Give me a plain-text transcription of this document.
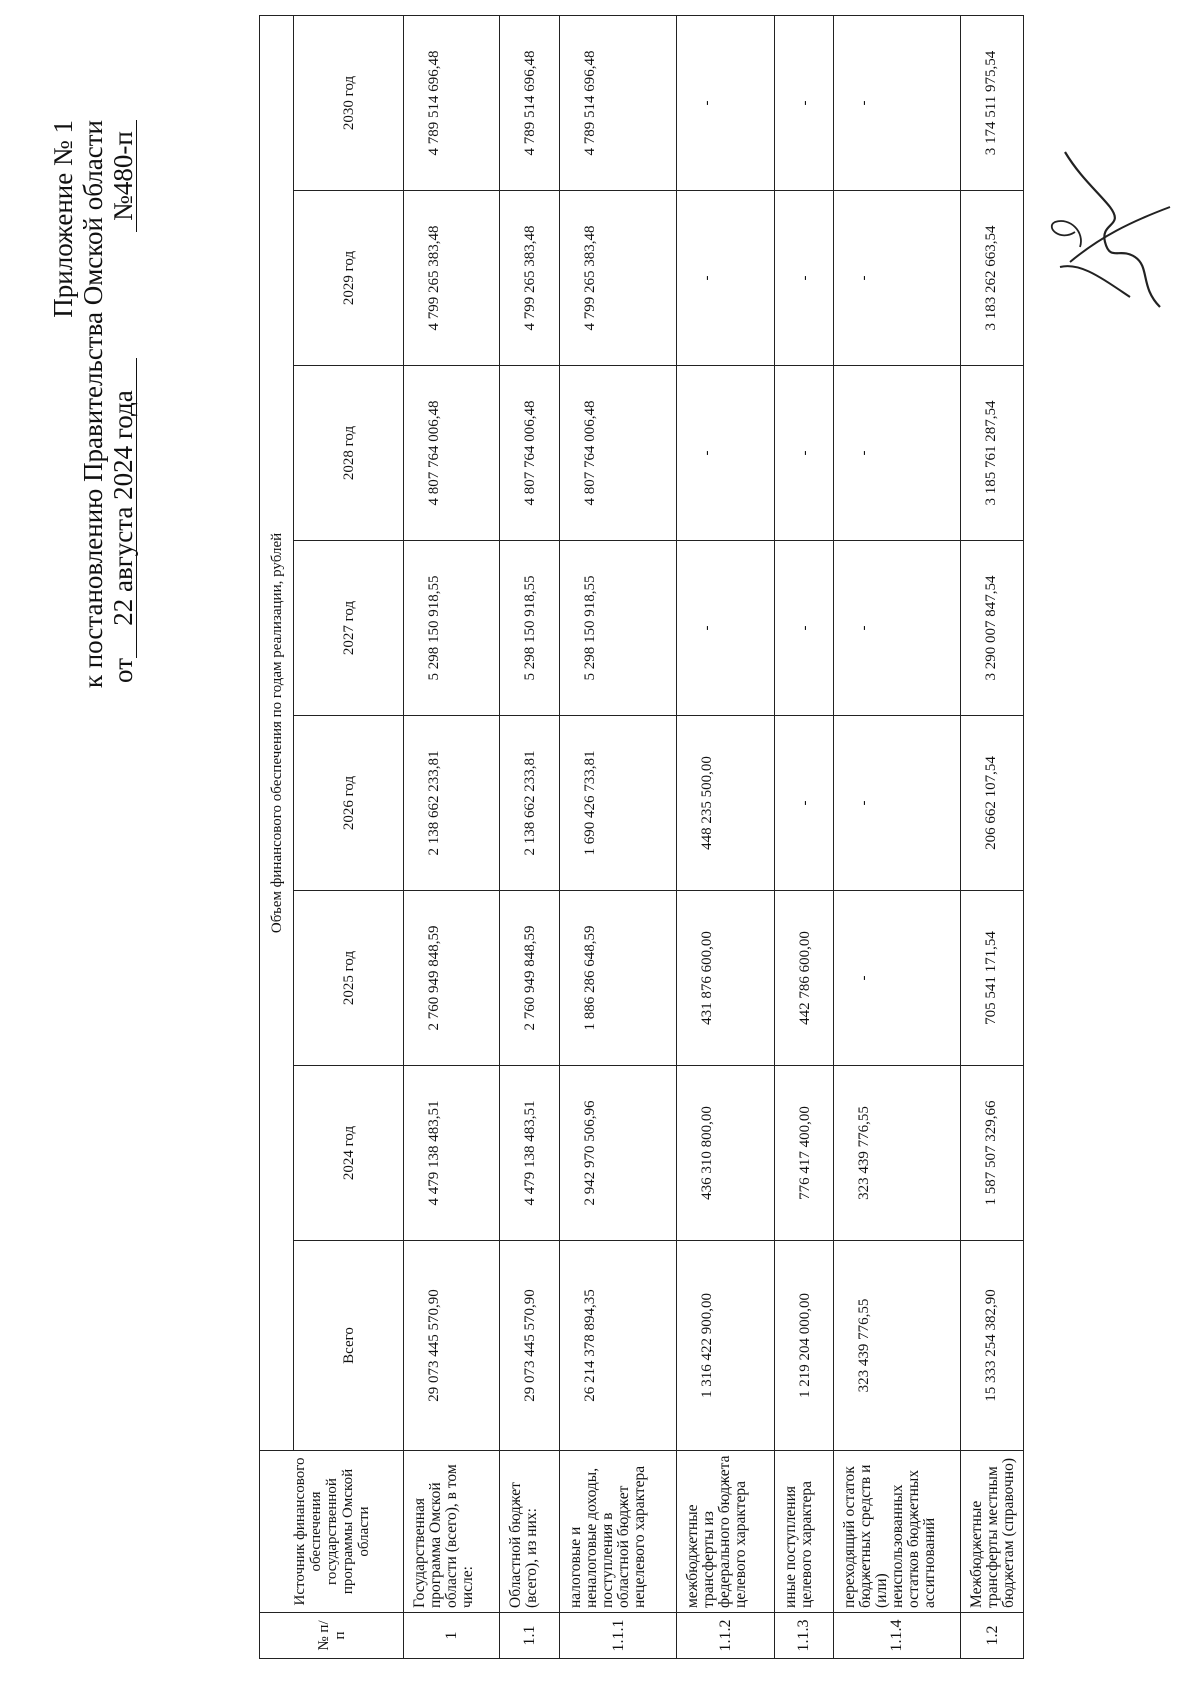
Приложение № 1 к постановлению Правительства Омской области от
22 августа 2024 года
№480-п
№ п/п	Источник финансового обеспечения государственной программы Омской области	Объем финансового обеспечения по годам реализации, рублей							
		Всего	2024 год	2025 год	2026 год	2027 год	2028 год	2029 год	2030 год
1	Государственная программа Омской области (всего), в том числе:	29 073 445 570,90	4 479 138 483,51	2 760 949 848,59	2 138 662 233,81	5 298 150 918,55	4 807 764 006,48	4 799 265 383,48	4 789 514 696,48
1.1	Областной бюджет (всего), из них:	29 073 445 570,90	4 479 138 483,51	2 760 949 848,59	2 138 662 233,81	5 298 150 918,55	4 807 764 006,48	4 799 265 383,48	4 789 514 696,48
1.1.1	налоговые и неналоговые доходы, поступления в областной бюджет нецелевого характера	26 214 378 894,35	2 942 970 506,96	1 886 286 648,59	1 690 426 733,81	5 298 150 918,55	4 807 764 006,48	4 799 265 383,48	4 789 514 696,48
1.1.2	межбюджетные трансферты из федерального бюджета целевого характера	1 316 422 900,00	436 310 800,00	431 876 600,00	448 235 500,00	-	-	-	-
1.1.3	иные поступления целевого характера	1 219 204 000,00	776 417 400,00	442 786 600,00	-	-	-	-	-
1.1.4	переходящий остаток бюджетных средств и (или) неиспользованных остатков бюджетных ассигнований	323 439 776,55	323 439 776,55	-	-	-	-	-	-
1.2	Межбюджетные трансферты местным бюджетам (справочно)	15 333 254 382,90	1 587 507 329,66	705 541 171,54	206 662 107,54	3 290 007 847,54	3 185 761 287,54	3 183 262 663,54	3 174 511 975,54
